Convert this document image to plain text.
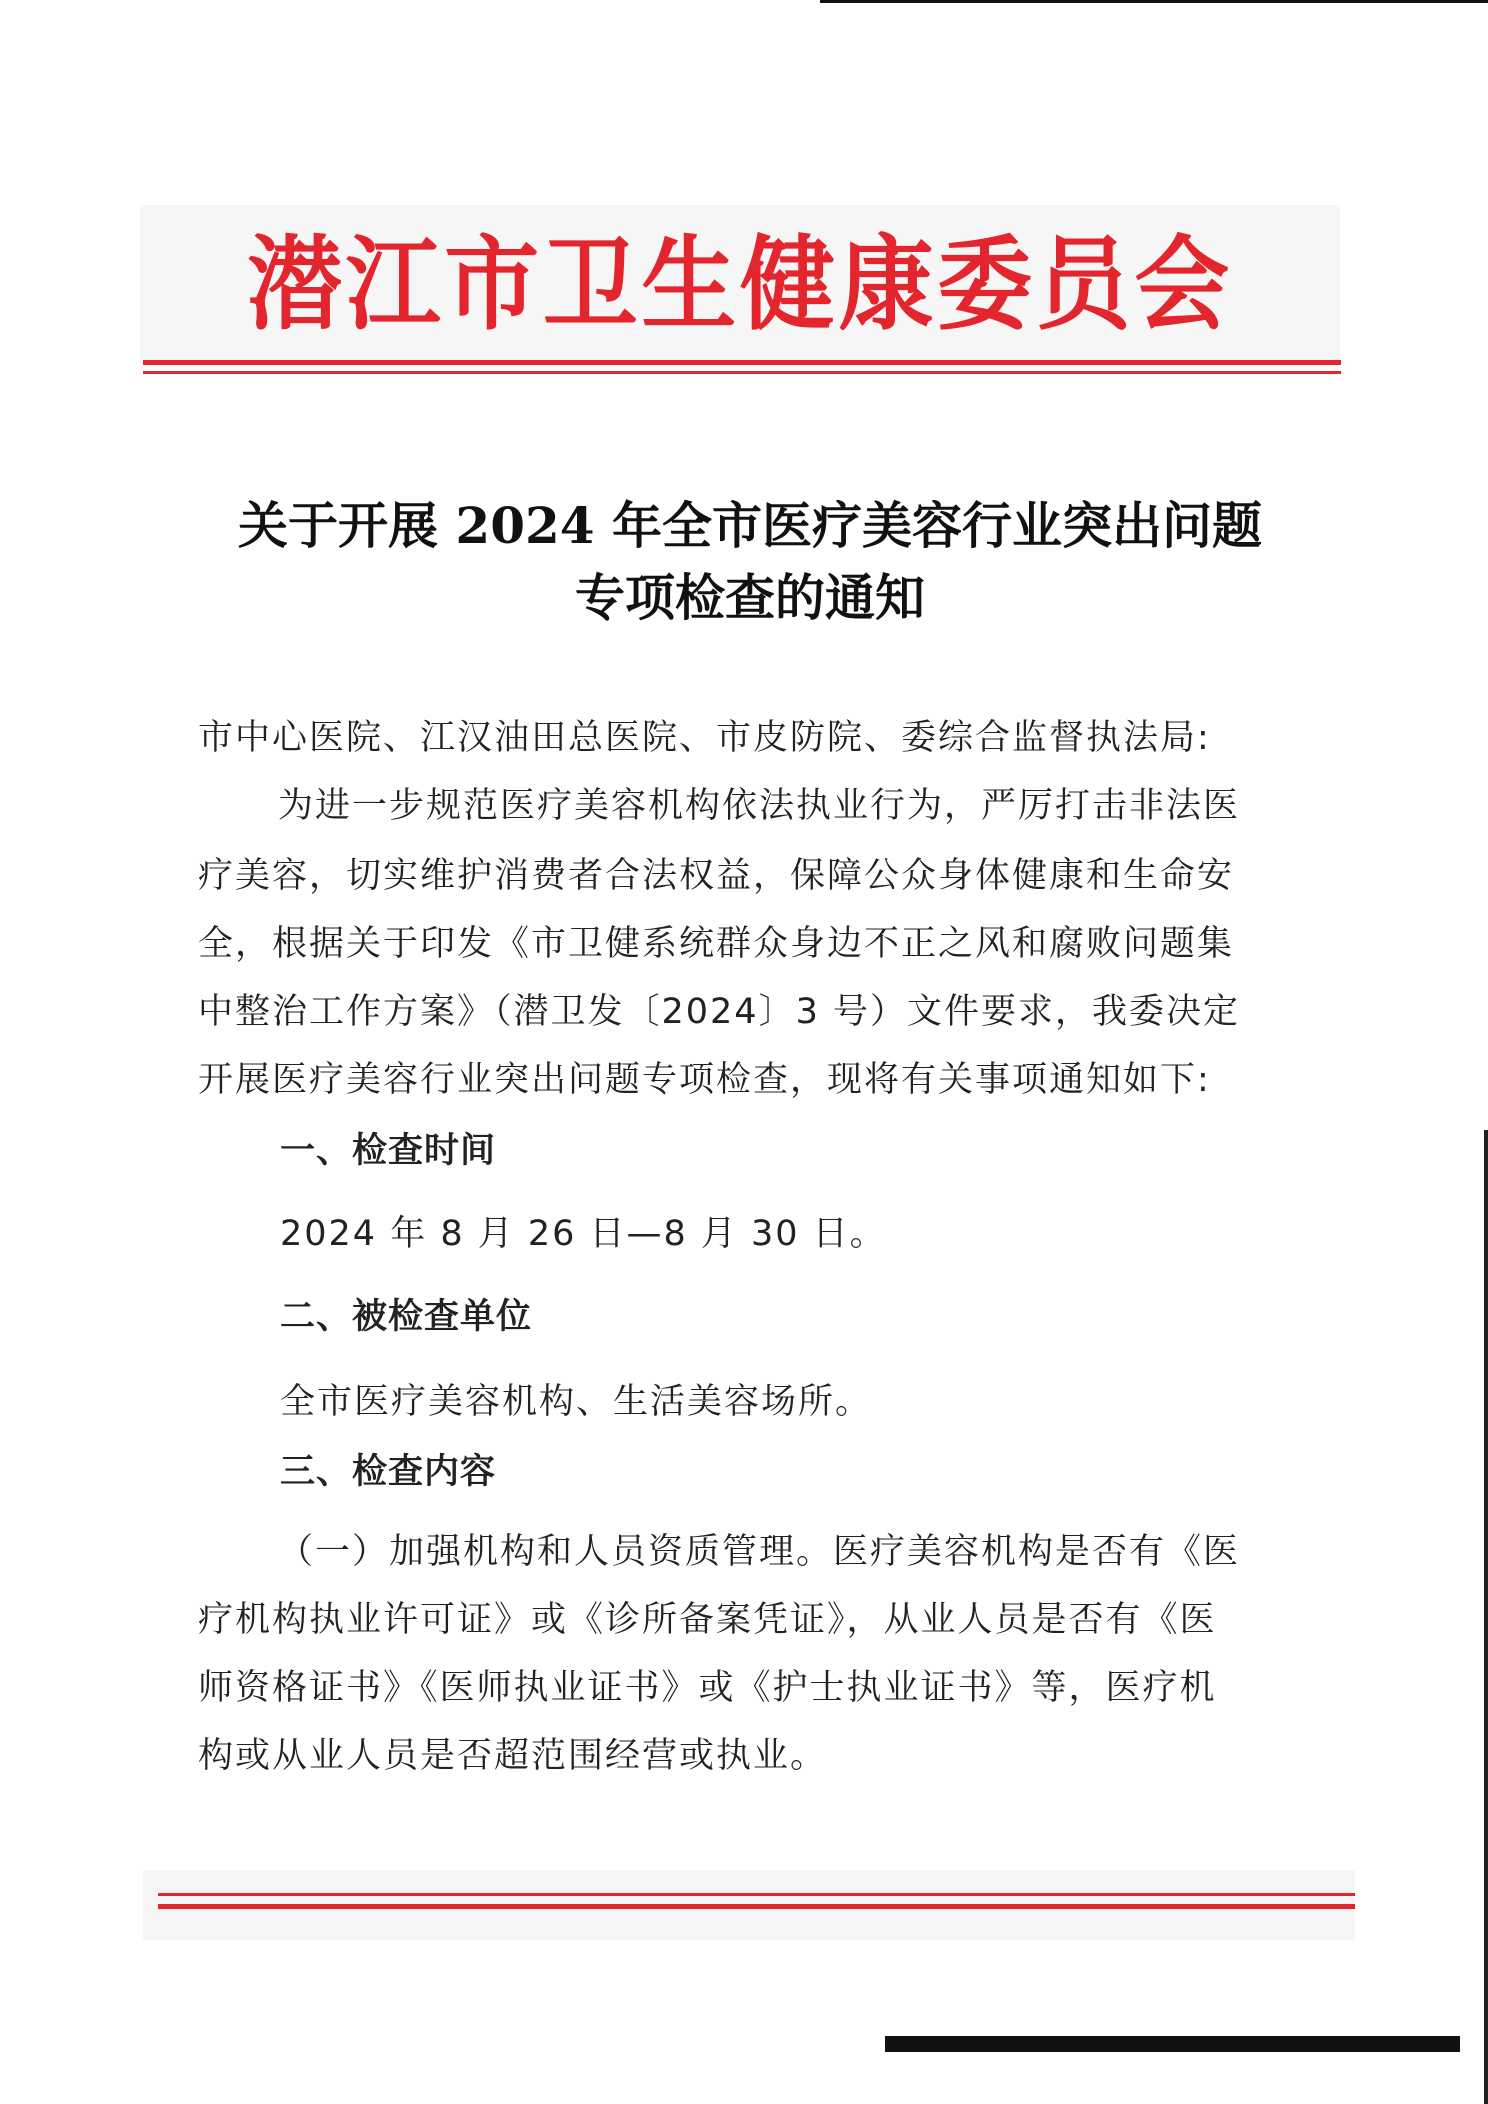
潜江市卫生健康委员会
关于开展 2024 年全市医疗美容行业突出问题
专项检查的通知
市中心医院、江汉油田总医院、市皮防院、委综合监督执法局:
为进一步规范医疗美容机构依法执业行为，严厉打击非法医
疗美容，切实维护消费者合法权益，保障公众身体健康和生命安
全，根据关于印发《市卫健系统群众身边不正之风和腐败问题集
中整治工作方案》（潜卫发〔2024〕3 号）文件要求，我委决定
开展医疗美容行业突出问题专项检查，现将有关事项通知如下:
一、检查时间
2024 年 8 月 26 日—8 月 30 日。
二、被检查单位
全市医疗美容机构、生活美容场所。
三、检查内容
（一）加强机构和人员资质管理。医疗美容机构是否有《医
疗机构执业许可证》或《诊所备案凭证》，从业人员是否有《医
师资格证书》《医师执业证书》或《护士执业证书》等，医疗机
构或从业人员是否超范围经营或执业。
